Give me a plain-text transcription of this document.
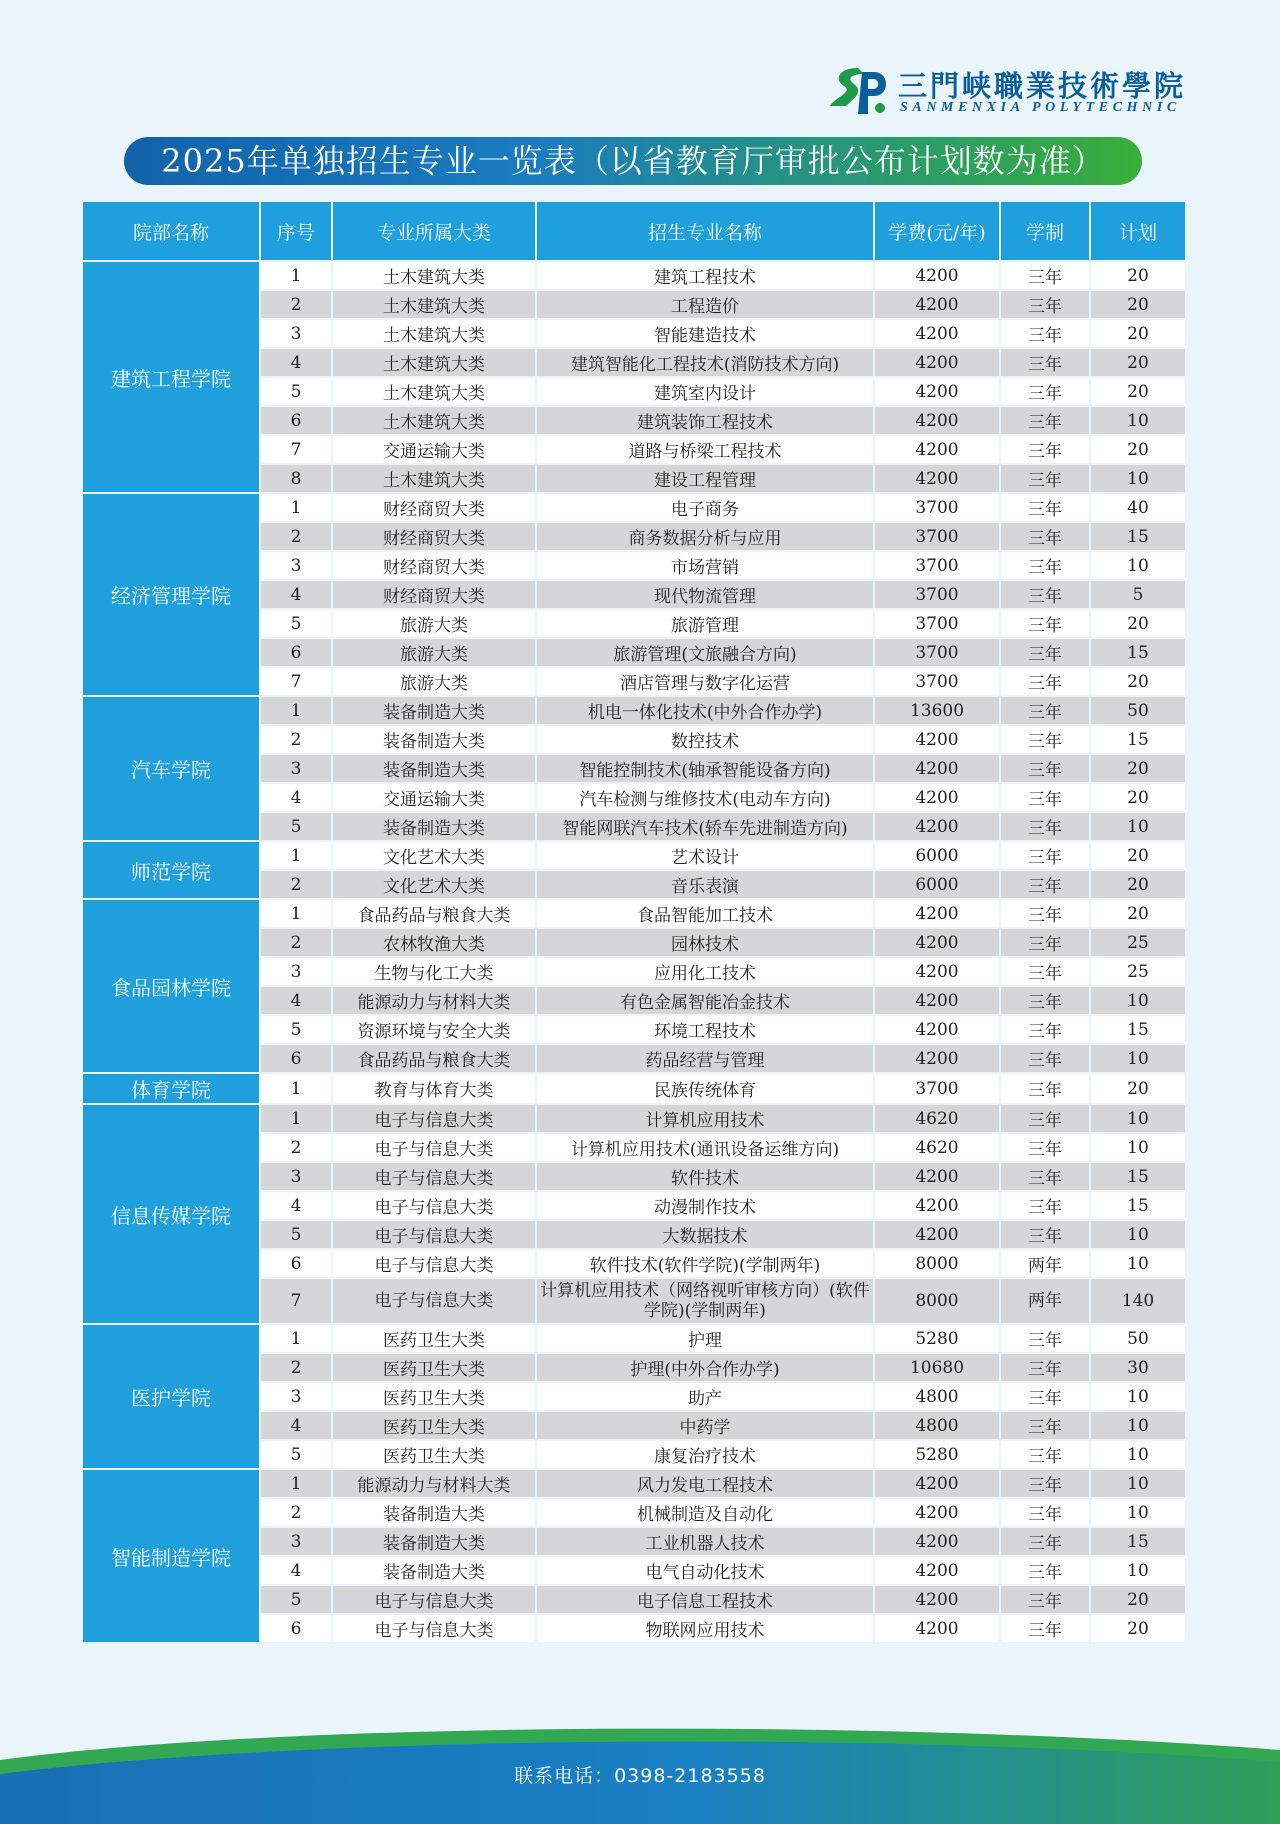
三門峡職業技術學院
SANMENXIA POLYTECHNIC
2025年单独招生专业一览表（以省教育厅审批公布计划数为准）
院部名称	序号	专业所属大类	招生专业名称	学费(元/年)	学制	计划
建筑工程学院	1	土木建筑大类	建筑工程技术	4200	三年	20
	2	土木建筑大类	工程造价	4200	三年	20
	3	土木建筑大类	智能建造技术	4200	三年	20
	4	土木建筑大类	建筑智能化工程技术(消防技术方向)	4200	三年	20
	5	土木建筑大类	建筑室内设计	4200	三年	20
	6	土木建筑大类	建筑装饰工程技术	4200	三年	10
	7	交通运输大类	道路与桥梁工程技术	4200	三年	20
	8	土木建筑大类	建设工程管理	4200	三年	10
经济管理学院	1	财经商贸大类	电子商务	3700	三年	40
	2	财经商贸大类	商务数据分析与应用	3700	三年	15
	3	财经商贸大类	市场营销	3700	三年	10
	4	财经商贸大类	现代物流管理	3700	三年	5
	5	旅游大类	旅游管理	3700	三年	20
	6	旅游大类	旅游管理(文旅融合方向)	3700	三年	15
	7	旅游大类	酒店管理与数字化运营	3700	三年	20
汽车学院	1	装备制造大类	机电一体化技术(中外合作办学)	13600	三年	50
	2	装备制造大类	数控技术	4200	三年	15
	3	装备制造大类	智能控制技术(轴承智能设备方向)	4200	三年	20
	4	交通运输大类	汽车检测与维修技术(电动车方向)	4200	三年	20
	5	装备制造大类	智能网联汽车技术(轿车先进制造方向)	4200	三年	10
师范学院	1	文化艺术大类	艺术设计	6000	三年	20
	2	文化艺术大类	音乐表演	6000	三年	20
食品园林学院	1	食品药品与粮食大类	食品智能加工技术	4200	三年	20
	2	农林牧渔大类	园林技术	4200	三年	25
	3	生物与化工大类	应用化工技术	4200	三年	25
	4	能源动力与材料大类	有色金属智能冶金技术	4200	三年	10
	5	资源环境与安全大类	环境工程技术	4200	三年	15
	6	食品药品与粮食大类	药品经营与管理	4200	三年	10
体育学院	1	教育与体育大类	民族传统体育	3700	三年	20
信息传媒学院	1	电子与信息大类	计算机应用技术	4620	三年	10
	2	电子与信息大类	计算机应用技术(通讯设备运维方向)	4620	三年	10
	3	电子与信息大类	软件技术	4200	三年	15
	4	电子与信息大类	动漫制作技术	4200	三年	15
	5	电子与信息大类	大数据技术	4200	三年	10
	6	电子与信息大类	软件技术(软件学院)(学制两年)	8000	两年	10
	7	电子与信息大类	计算机应用技术（网络视听审核方向）(软件学院)(学制两年)	8000	两年	140
医护学院	1	医药卫生大类	护理	5280	三年	50
	2	医药卫生大类	护理(中外合作办学)	10680	三年	30
	3	医药卫生大类	助产	4800	三年	10
	4	医药卫生大类	中药学	4800	三年	10
	5	医药卫生大类	康复治疗技术	5280	三年	10
智能制造学院	1	能源动力与材料大类	风力发电工程技术	4200	三年	10
	2	装备制造大类	机械制造及自动化	4200	三年	10
	3	装备制造大类	工业机器人技术	4200	三年	15
	4	装备制造大类	电气自动化技术	4200	三年	10
	5	电子与信息大类	电子信息工程技术	4200	三年	20
	6	电子与信息大类	物联网应用技术	4200	三年	20
联系电话：0398-2183558
